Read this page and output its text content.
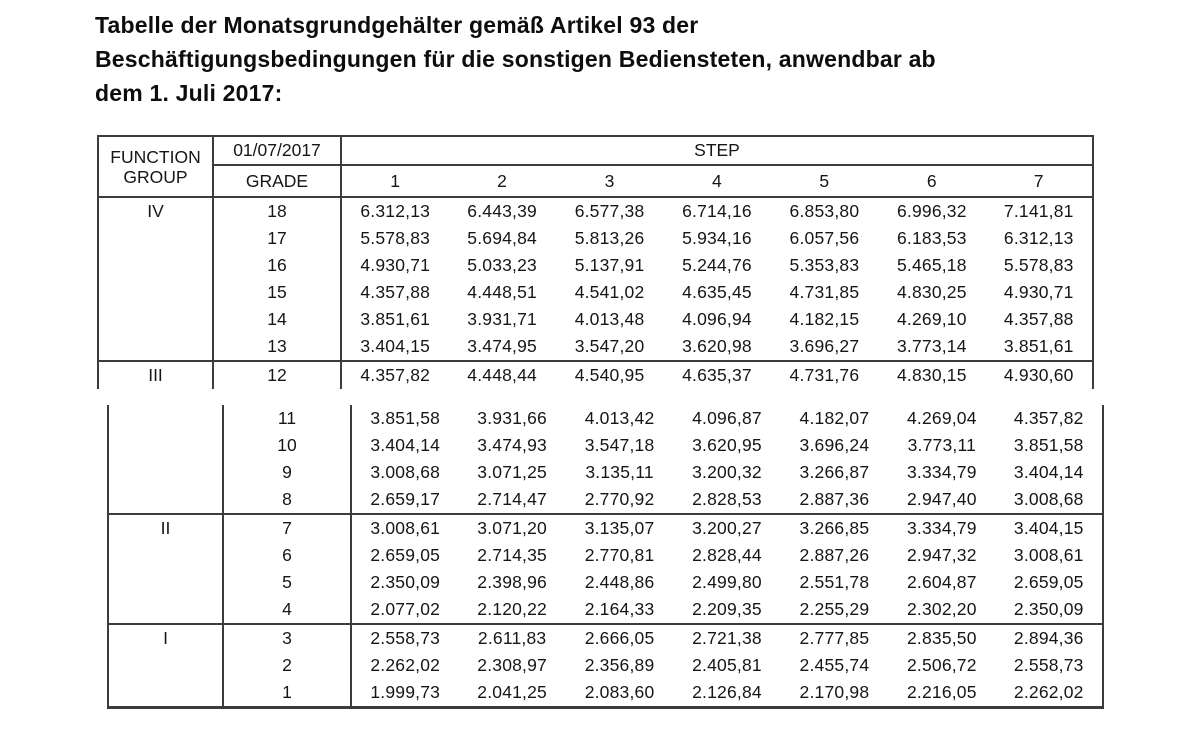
Tabelle der Monatsgrundgehälter gemäß Artikel 93 der
Beschäftigungsbedingungen für die sonstigen Bediensteten, anwendbar ab
dem 1. Juli 2017:
FUNCTION
GROUP	01/07/2017	STEP						
	GRADE	1	2	3	4	5	6	7
IV	18	6.312,13	6.443,39	6.577,38	6.714,16	6.853,80	6.996,32	7.141,81
	17	5.578,83	5.694,84	5.813,26	5.934,16	6.057,56	6.183,53	6.312,13
	16	4.930,71	5.033,23	5.137,91	5.244,76	5.353,83	5.465,18	5.578,83
	15	4.357,88	4.448,51	4.541,02	4.635,45	4.731,85	4.830,25	4.930,71
	14	3.851,61	3.931,71	4.013,48	4.096,94	4.182,15	4.269,10	4.357,88
	13	3.404,15	3.474,95	3.547,20	3.620,98	3.696,27	3.773,14	3.851,61
III	12	4.357,82	4.448,44	4.540,95	4.635,37	4.731,76	4.830,15	4.930,60
	11	3.851,58	3.931,66	4.013,42	4.096,87	4.182,07	4.269,04	4.357,82
	10	3.404,14	3.474,93	3.547,18	3.620,95	3.696,24	3.773,11	3.851,58
	9	3.008,68	3.071,25	3.135,11	3.200,32	3.266,87	3.334,79	3.404,14
	8	2.659,17	2.714,47	2.770,92	2.828,53	2.887,36	2.947,40	3.008,68
II	7	3.008,61	3.071,20	3.135,07	3.200,27	3.266,85	3.334,79	3.404,15
	6	2.659,05	2.714,35	2.770,81	2.828,44	2.887,26	2.947,32	3.008,61
	5	2.350,09	2.398,96	2.448,86	2.499,80	2.551,78	2.604,87	2.659,05
	4	2.077,02	2.120,22	2.164,33	2.209,35	2.255,29	2.302,20	2.350,09
I	3	2.558,73	2.611,83	2.666,05	2.721,38	2.777,85	2.835,50	2.894,36
	2	2.262,02	2.308,97	2.356,89	2.405,81	2.455,74	2.506,72	2.558,73
	1	1.999,73	2.041,25	2.083,60	2.126,84	2.170,98	2.216,05	2.262,02
